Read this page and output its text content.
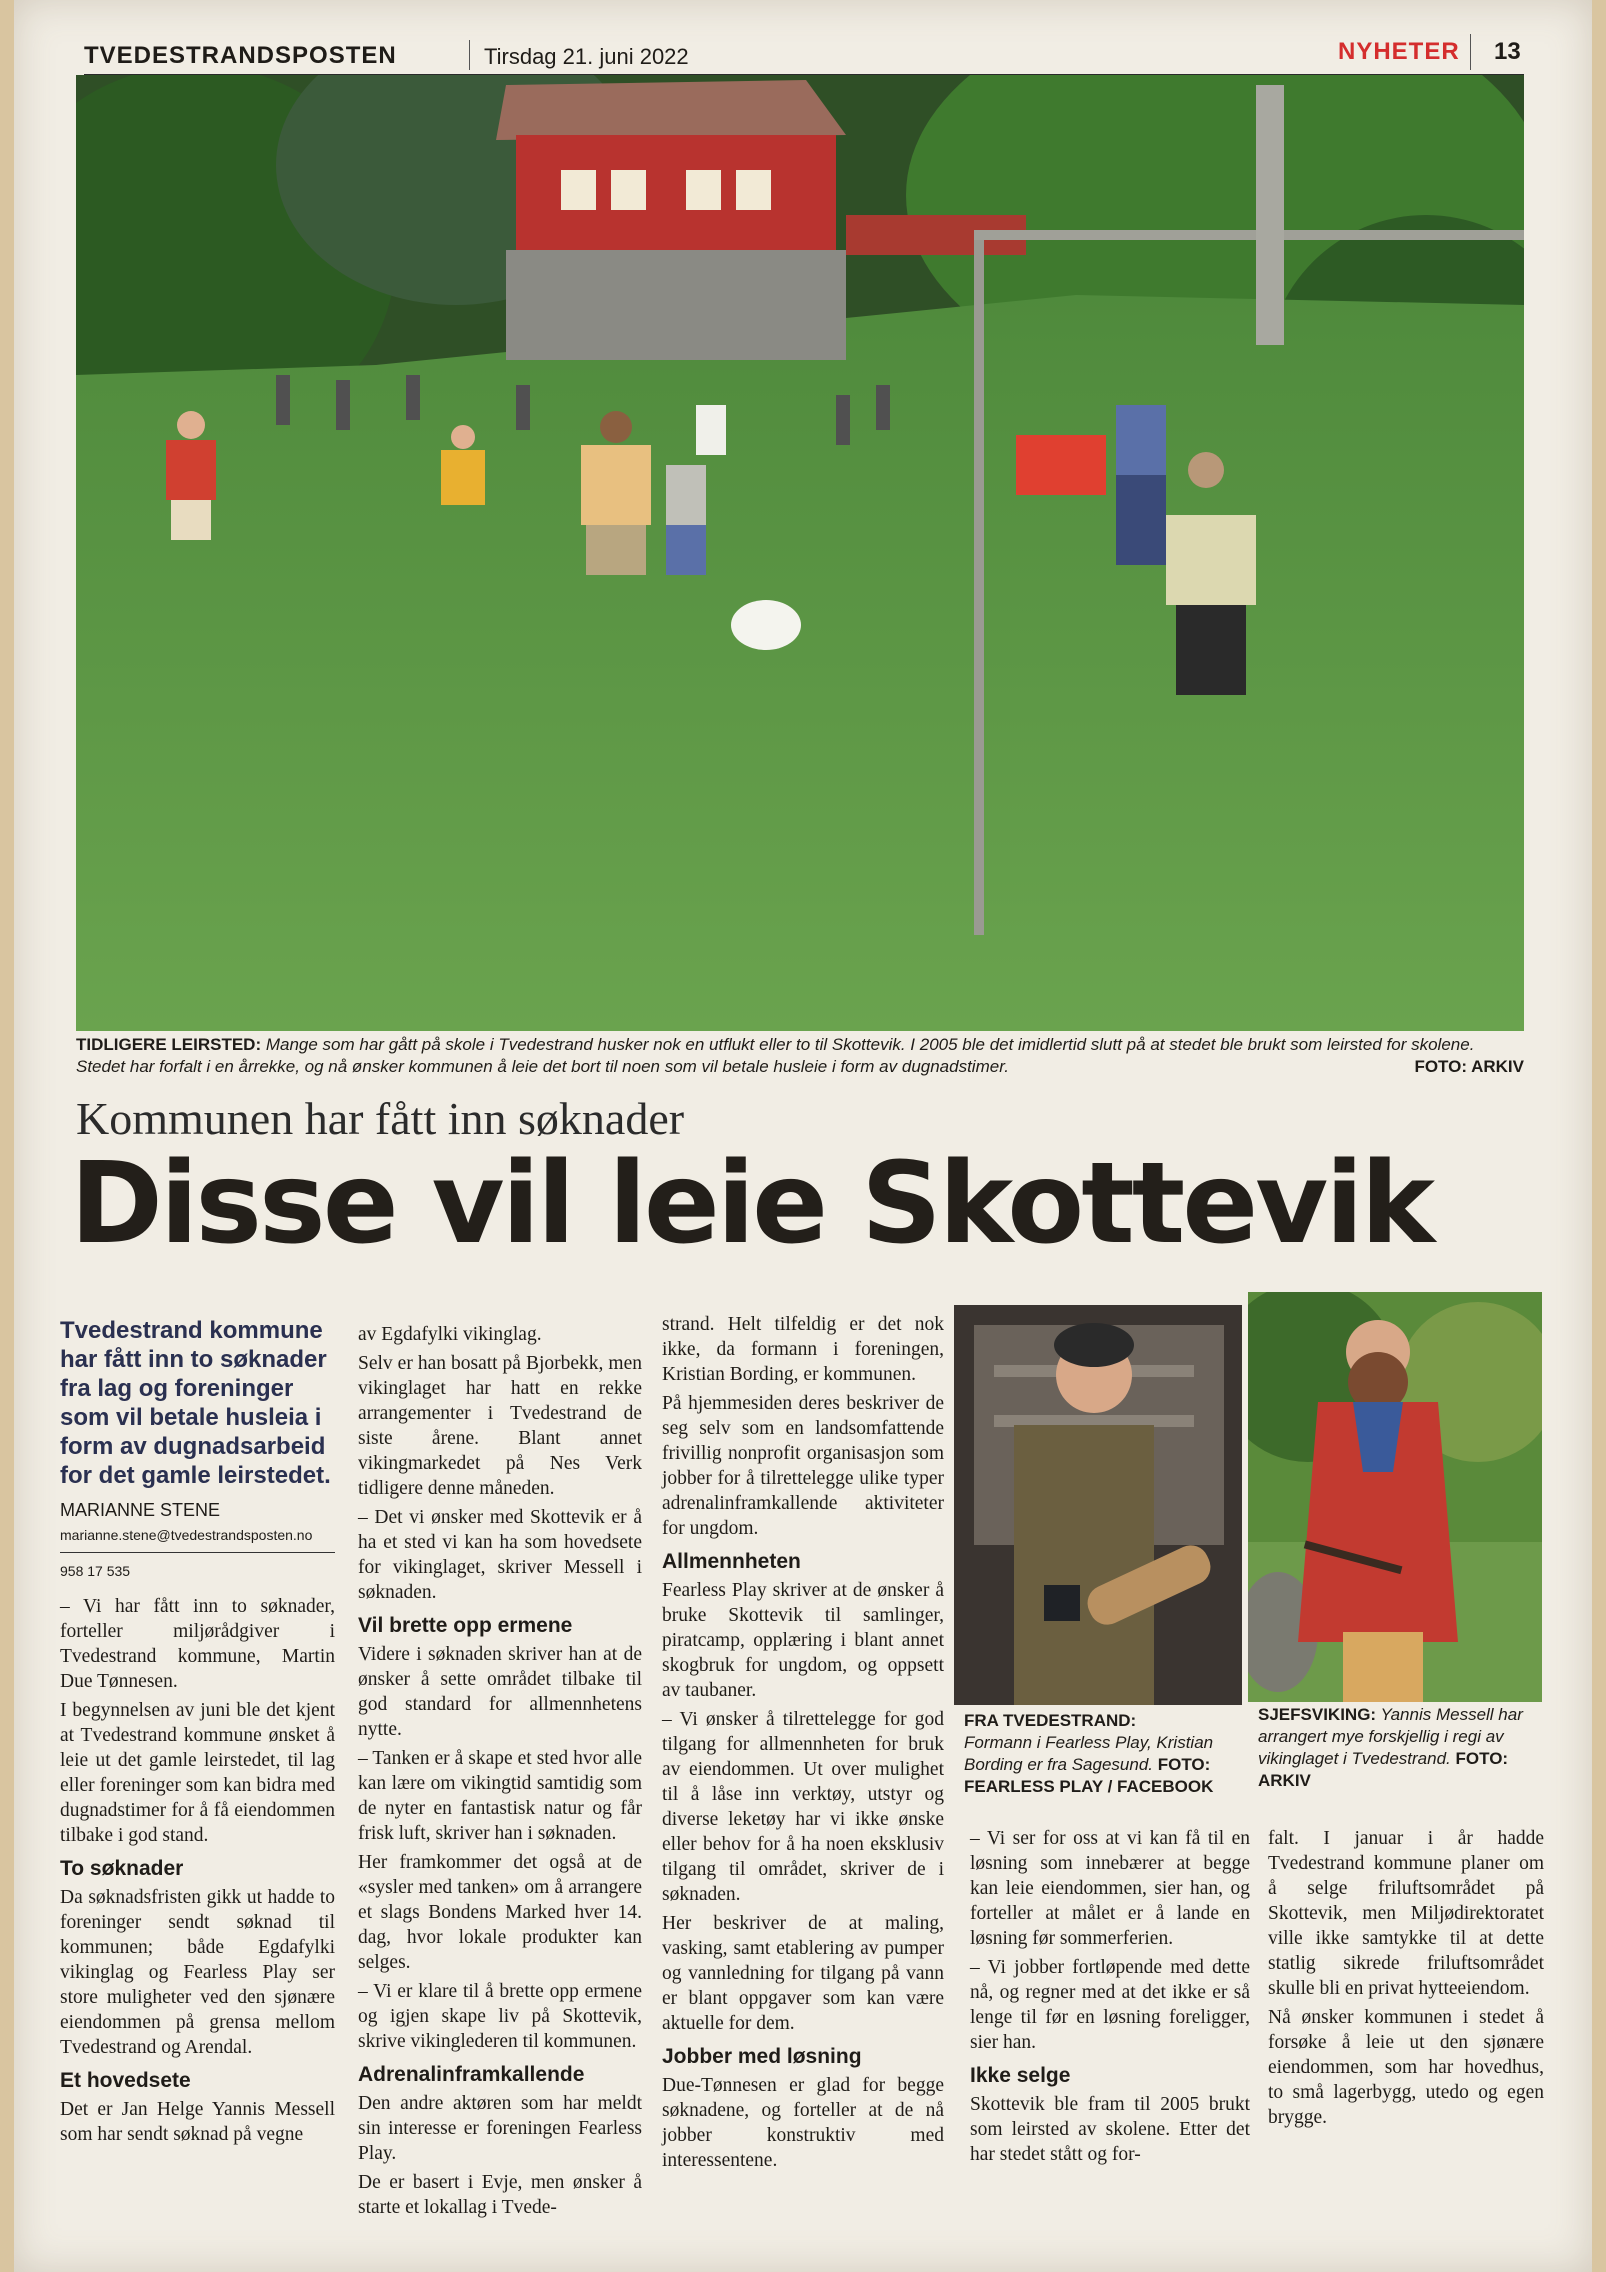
TVEDESTRANDSPOSTEN	Tirsdag 21. juni 2022	NYHETER 13
TIDLIGERE LEIRSTED: Mange som har gått på skole i Tvedestrand husker nok en utflukt eller to til Skottevik. I 2005 ble det imidlertid slutt på at stedet ble brukt som leirsted for skolene. Stedet har forfalt i en årrekke, og nå ønsker kommunen å leie det bort til noen som vil betale husleie i form av dugnadstimer.	FOTO: ARKIV
Kommunen har fått inn søknader
Disse vil leie Skottevik
Tvedestrand kommune har fått inn to søknader fra lag og foreninger som vil betale husleia i form av dugnadsarbeid for det gamle leirstedet.
MARIANNE STENE
marianne.stene@tvedestrandsposten.no
958 17 535

– Vi har fått inn to søknader, forteller miljørådgiver i Tvedestrand kommune, Martin Due Tønnesen.

I begynnelsen av juni ble det kjent at Tvedestrand kommune ønsket å leie ut det gamle leirstedet, til lag eller foreninger som kan bidra med dugnadstimer for å få eiendommen tilbake i god stand.

To søknader

Da søknadsfristen gikk ut hadde to foreninger sendt søknad til kommunen; både Egdafylki vikinglag og Fearless Play ser store muligheter ved den sjønære eiendommen på grensa mellom Tvedestrand og Arendal.

Et hovedsete

Det er Jan Helge Yannis Messell som har sendt søknad på vegne

av Egdafylki vikinglag.

Selv er han bosatt på Bjorbekk, men vikinglaget har hatt en rekke arrangementer i Tvedestrand de siste årene. Blant annet vikingmarkedet på Nes Verk tidligere denne måneden.

– Det vi ønsker med Skottevik er å ha et sted vi kan ha som hovedsete for vikinglaget, skriver Messell i søknaden.

Vil brette opp ermene

Videre i søknaden skriver han at de ønsker å sette området tilbake til god standard for allmennhetens nytte.

– Tanken er å skape et sted hvor alle kan lære om vikingtid samtidig som de nyter en fantastisk natur og får frisk luft, skriver han i søknaden.

Her framkommer det også at de «sysler med tanken» om å arrangere et slags Bondens Marked hver 14. dag, hvor lokale produkter kan selges.

– Vi er klare til å brette opp ermene og igjen skape liv på Skottevik, skrive vikinglederen til kommunen.

Adrenalinframkallende

Den andre aktøren som har meldt sin interesse er foreningen Fearless Play.

De er basert i Evje, men ønsker å starte et lokallag i Tvede-

strand. Helt tilfeldig er det nok ikke, da formann i foreningen, Kristian Bording, er kommunen.

På hjemmesiden deres beskriver de seg selv som en landsomfattende frivillig nonprofit organisasjon som jobber for å tilrettelegge ulike typer adrenalinframkallende aktiviteter for ungdom.

Allmennheten

Fearless Play skriver at de ønsker å bruke Skottevik til samlinger, piratcamp, opplæring i blant annet skogbruk for ungdom, og oppsett av taubaner.

– Vi ønsker å tilrettelegge for god tilgang for allmennheten for bruk av eiendommen. Ut over mulighet til å låse inn verktøy, utstyr og diverse leketøy har vi ikke ønske eller behov for å ha noen eksklusiv tilgang til området, skriver de i søknaden.

Her beskriver de at maling, vasking, samt etablering av pumper og vannledning for tilgang på vann er blant oppgaver som kan være aktuelle for dem.

Jobber med løsning

Due-Tønnesen er glad for begge søknadene, og forteller at de nå jobber konstruktiv med interessentene.

FRA TVEDESTRAND:
Formann i Fearless Play, Kristian Bording er fra Sagesund. FOTO: FEARLESS PLAY / FACEBOOK
SJEFSVIKING: Yannis Messell har arrangert mye forskjellig i regi av vikinglaget i Tvedestrand. FOTO: ARKIV

– Vi ser for oss at vi kan få til en løsning som innebærer at begge kan leie eiendommen, sier han, og forteller at målet er å lande en løsning før sommerferien.

– Vi jobber fortløpende med dette nå, og regner med at det ikke er så lenge til før en løsning foreligger, sier han.

Ikke selge

Skottevik ble fram til 2005 brukt som leirsted av skolene. Etter det har stedet stått og for-

falt. I januar i år hadde Tvedestrand kommune planer om å selge friluftsområdet på Skottevik, men Miljødirektoratet ville ikke samtykke til at dette statlig sikrede friluftsområdet skulle bli en privat hytteeiendom.

Nå ønsker kommunen i stedet å forsøke å leie ut den sjønære eiendommen, som har hovedhus, to små lagerbygg, utedo og egen brygge.
